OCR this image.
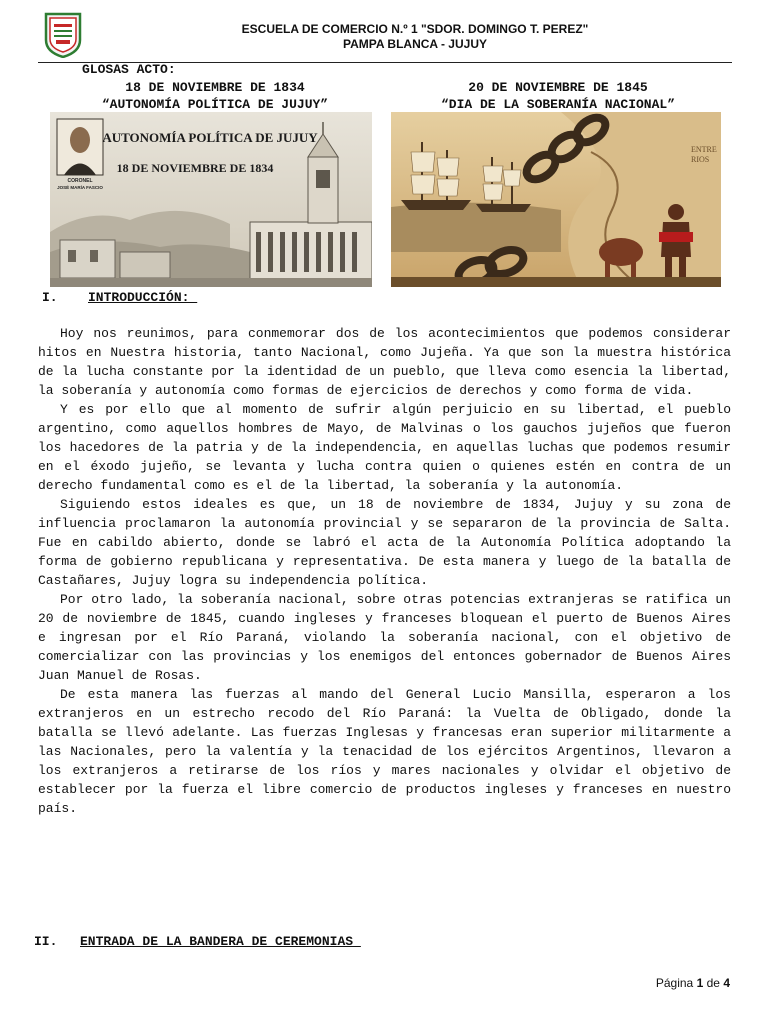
ESCUELA DE COMERCIO N.º 1 "SDOR. DOMINGO T. PEREZ"
PAMPA BLANCA - JUJUY
GLOSAS ACTO:
18 DE NOVIEMBRE DE 1834
“AUTONOMÍA POLÍTICA DE JUJUY”
20 DE NOVIEMBRE DE 1845
“DIA DE LA SOBERANÍA NACIONAL”
CORONEL
JOSÉ MARÍA FASCIO
AUTONOMÍA POLÍTICA DE JUJUY
18 DE NOVIEMBRE DE 1834
ENTRE
RIOS
I. INTRODUCCIÓN:

Hoy nos reunimos, para conmemorar dos de los acontecimientos que podemos considerar hitos en Nuestra historia, tanto Nacional, como Jujeña. Ya que son la muestra histórica de la lucha constante por la identidad de un pueblo, que lleva como esencia la libertad, la soberanía y autonomía como formas de ejercicios de derechos y como forma de vida.

Y es por ello que al momento de sufrir algún perjuicio en su libertad, el pueblo argentino, como aquellos hombres de Mayo, de Malvinas o los gauchos jujeños que fueron los hacedores de la patria y de la independencia, en aquellas luchas que podemos resumir en el éxodo jujeño, se levanta y lucha contra quien o quienes estén en contra de un derecho fundamental como es el de la libertad, la soberanía y la autonomía.

Siguiendo estos ideales es que, un 18 de noviembre de 1834, Jujuy y su zona de influencia proclamaron la autonomía provincial y se separaron de la provincia de Salta. Fue en cabildo abierto, donde se labró el acta de la Autonomía Política adoptando la forma de gobierno republicana y representativa. De esta manera y luego de la batalla de Castañares, Jujuy logra su independencia política.

Por otro lado, la soberanía nacional, sobre otras potencias extranjeras se ratifica un 20 de noviembre de 1845, cuando ingleses y franceses bloquean el puerto de Buenos Aires e ingresan por el Río Paraná, violando la soberanía nacional, con el objetivo de comercializar con las provincias y los enemigos del entonces gobernador de Buenos Aires Juan Manuel de Rosas.

De esta manera las fuerzas al mando del General Lucio Mansilla, esperaron a los extranjeros en un estrecho recodo del Río Paraná: la Vuelta de Obligado, donde la batalla se llevó adelante. Las fuerzas Inglesas y francesas eran superior militarmente a las Nacionales, pero la valentía y la tenacidad de los ejércitos Argentinos, llevaron a los extranjeros a retirarse de los ríos y mares nacionales y olvidar el objetivo de establecer por la fuerza el libre comercio de productos ingleses y franceses en nuestro país.

II. ENTRADA DE LA BANDERA DE CEREMONIAS
Página 1 de 4
